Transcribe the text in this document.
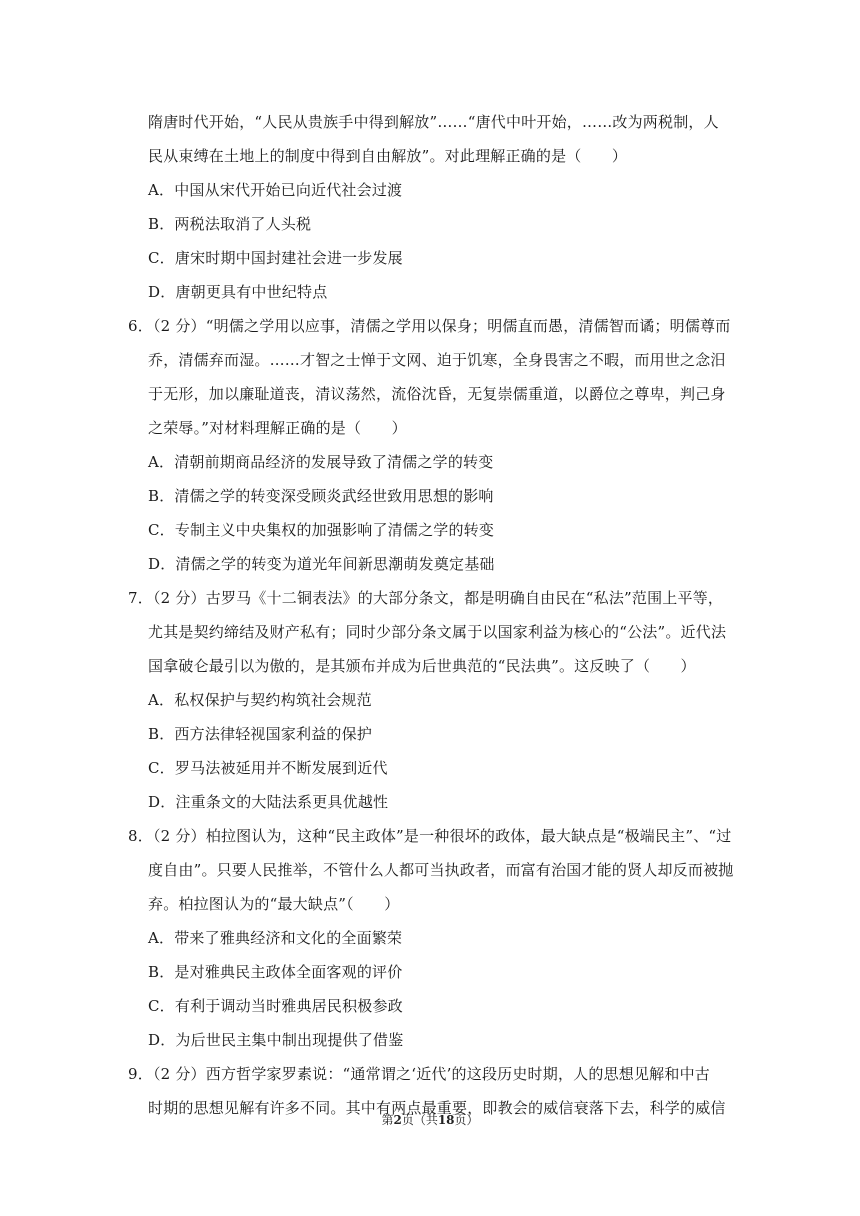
隋唐时代开始，“人民从贵族手中得到解放”……“唐代中叶开始，……改为两税制，人
民从束缚在土地上的制度中得到自由解放”。对此理解正确的是（　　）
A．中国从宋代开始已向近代社会过渡
B．两税法取消了人头税
C．唐宋时期中国封建社会进一步发展
D．唐朝更具有中世纪特点
6．（2 分）“明儒之学用以应事，清儒之学用以保身；明儒直而愚，清儒智而谲；明儒尊而
乔，清儒弃而湿。……才智之士惮于文网、迫于饥寒，全身畏害之不暇，而用世之念汨
于无形，加以廉耻道丧，清议荡然，流俗沈昏，无复崇儒重道，以爵位之尊卑，判己身
之荣辱。”对材料理解正确的是（　　）
A．清朝前期商品经济的发展导致了清儒之学的转变
B．清儒之学的转变深受顾炎武经世致用思想的影响
C．专制主义中央集权的加强影响了清儒之学的转变
D．清儒之学的转变为道光年间新思潮萌发奠定基础
7．（2 分）古罗马《十二铜表法》的大部分条文，都是明确自由民在“私法”范围上平等，
尤其是契约缔结及财产私有；同时少部分条文属于以国家利益为核心的“公法”。近代法
国拿破仑最引以为傲的，是其颁布并成为后世典范的“民法典”。这反映了（　　）
A．私权保护与契约构筑社会规范
B．西方法律轻视国家利益的保护
C．罗马法被延用并不断发展到近代
D．注重条文的大陆法系更具优越性
8．（2 分）柏拉图认为，这种“民主政体”是一种很坏的政体，最大缺点是“极端民主”、“过
度自由”。只要人民推举，不管什么人都可当执政者，而富有治国才能的贤人却反而被抛
弃。柏拉图认为的“最大缺点”（　　）
A．带来了雅典经济和文化的全面繁荣
B．是对雅典民主政体全面客观的评价
C．有利于调动当时雅典居民积极参政
D．为后世民主集中制出现提供了借鉴
9．（2 分）西方哲学家罗素说：“通常谓之‘近代’的这段历史时期，人的思想见解和中古
时期的思想见解有许多不同。其中有两点最重要，即教会的威信衰落下去，科学的威信
第2页（共18页）
